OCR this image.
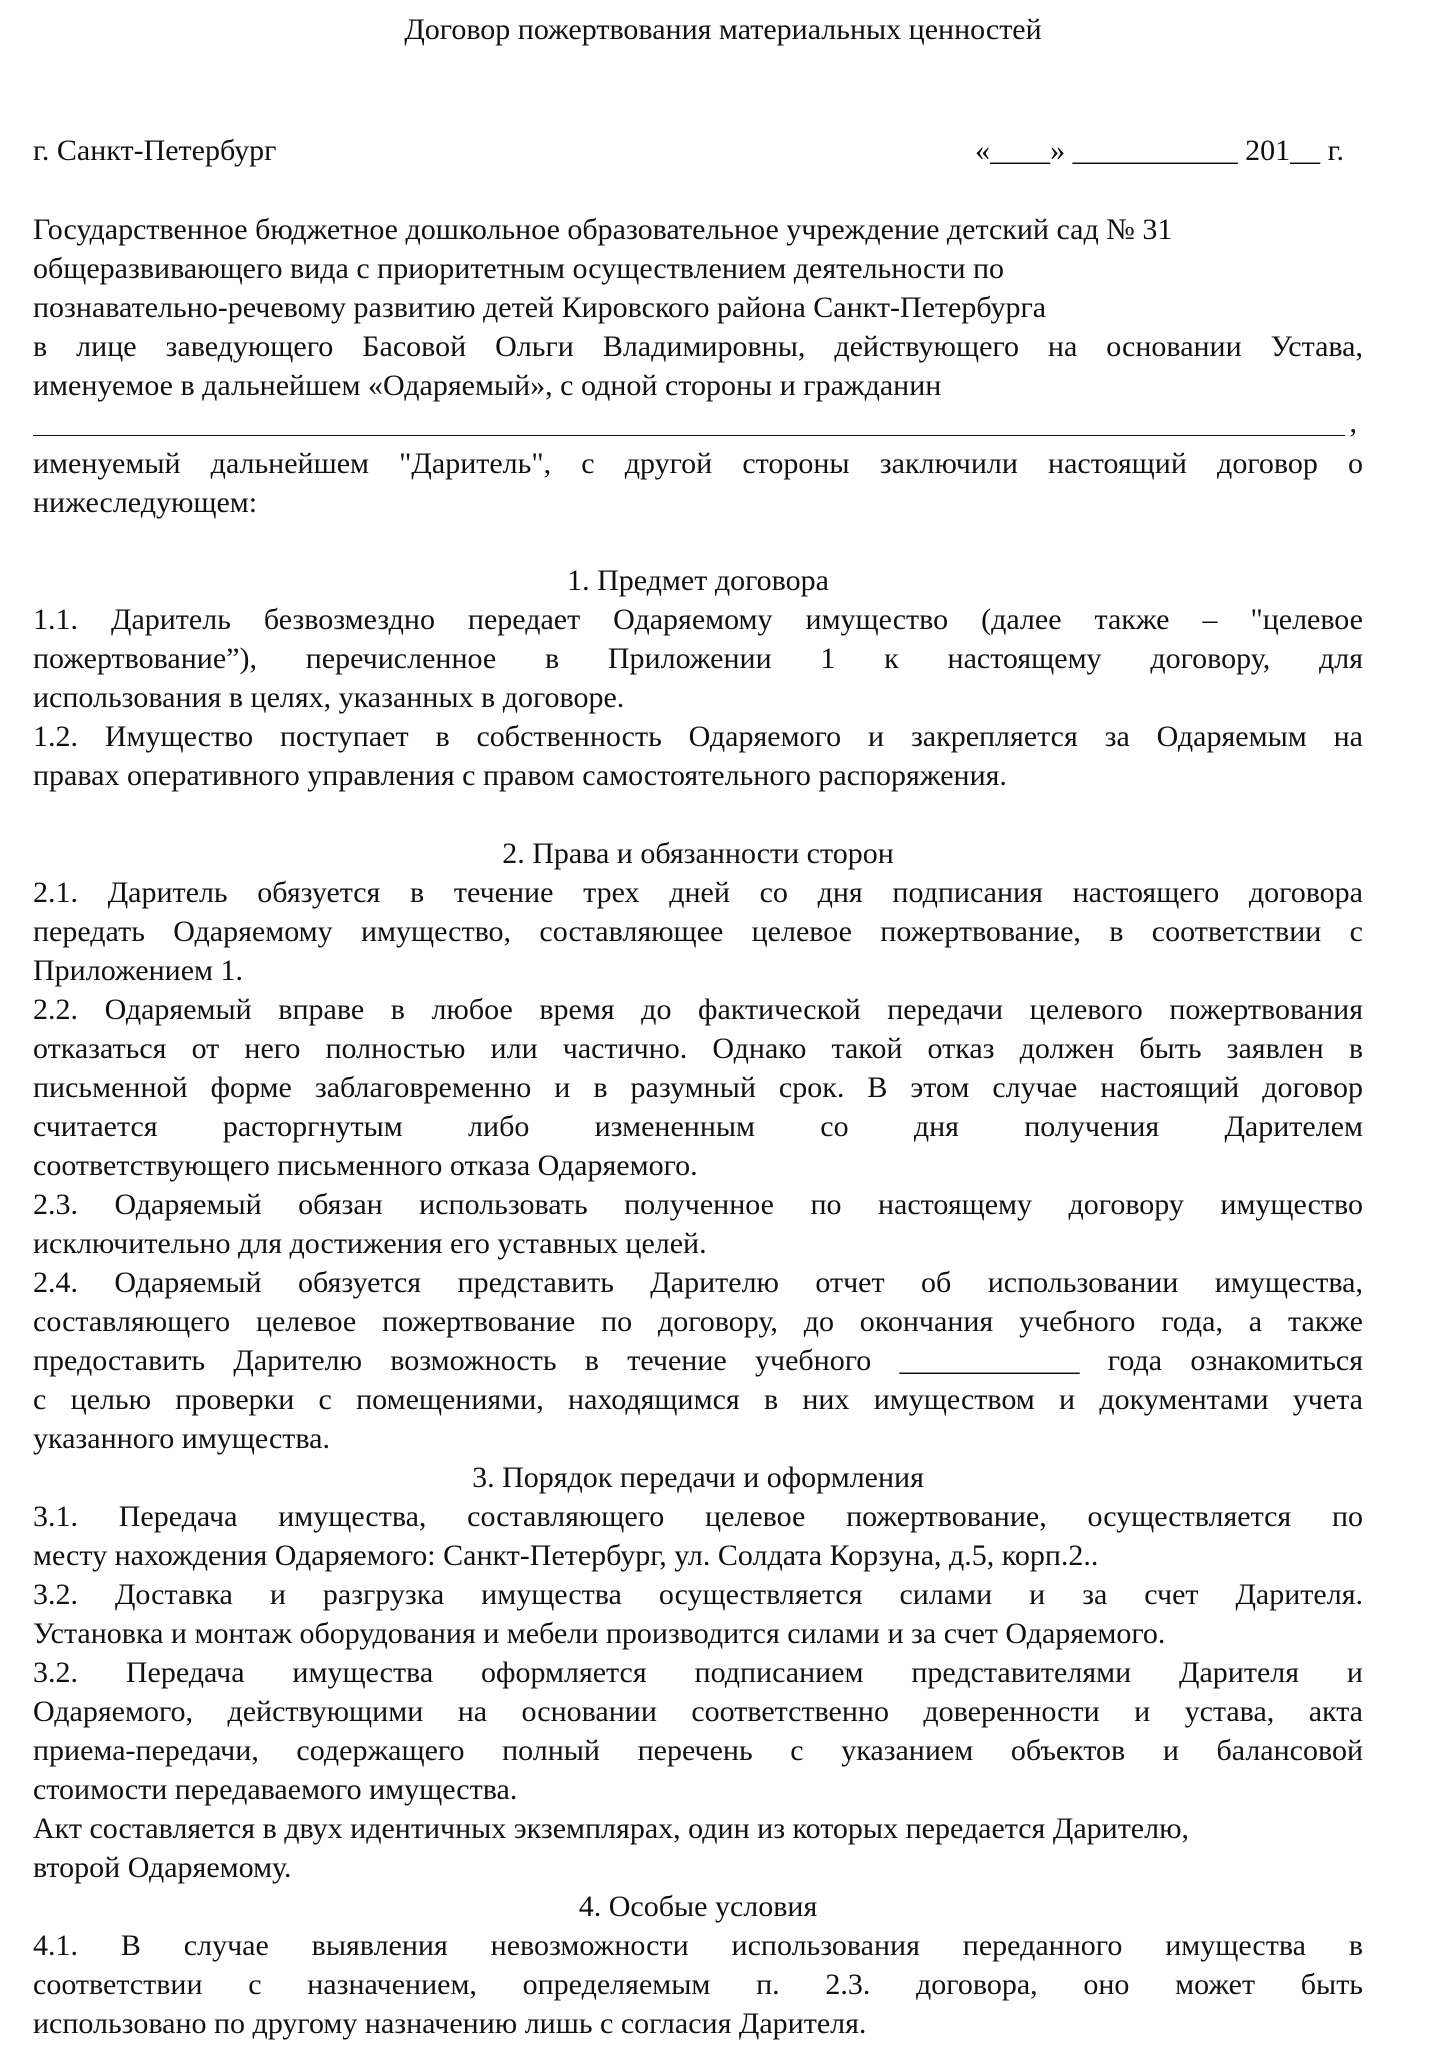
Договор пожертвования материальных ценностей
г. Санкт-Петербург	«____» ___________ 201__ г.
Государственное бюджетное дошкольное образовательное учреждение детский сад № 31
общеразвивающего вида с приоритетным осуществлением деятельности по
познавательно-речевому развитию детей Кировского района Санкт-Петербурга
в лице заведующего Басовой Ольги Владимировны, действующего на основании Устава,
именуемое в дальнейшем «Одаряемый», с одной стороны и гражданин
,
именуемый дальнейшем "Даритель", с другой стороны заключили настоящий договор о
нижеследующем:
1. Предмет договора
1.1. Даритель безвозмездно передает Одаряемому имущество (далее также – "целевое
пожертвование”), перечисленное в Приложении 1 к настоящему договору, для
использования в целях, указанных в договоре.
1.2. Имущество поступает в собственность Одаряемого и закрепляется за Одаряемым на
правах оперативного управления с правом самостоятельного распоряжения.
2. Права и обязанности сторон
2.1. Даритель обязуется в течение трех дней со дня подписания настоящего договора
передать Одаряемому имущество, составляющее целевое пожертвование, в соответствии с
Приложением 1.
2.2. Одаряемый вправе в любое время до фактической передачи целевого пожертвования
отказаться от него полностью или частично. Однако такой отказ должен быть заявлен в
письменной форме заблаговременно и в разумный срок. В этом случае настоящий договор
считается расторгнутым либо измененным со дня получения Дарителем
соответствующего письменного отказа Одаряемого.
2.3. Одаряемый обязан использовать полученное по настоящему договору имущество
исключительно для достижения его уставных целей.
2.4. Одаряемый обязуется представить Дарителю отчет об использовании имущества,
составляющего целевое пожертвование по договору, до окончания учебного года, а также
предоставить Дарителю возможность в течение учебного ____________ года ознакомиться
с целью проверки с помещениями, находящимся в них имуществом и документами учета
указанного имущества.
3. Порядок передачи и оформления
3.1. Передача имущества, составляющего целевое пожертвование, осуществляется по
месту нахождения Одаряемого: Санкт-Петербург, ул. Солдата Корзуна, д.5, корп.2..
3.2. Доставка и разгрузка имущества осуществляется силами и за счет Дарителя.
Установка и монтаж оборудования и мебели производится силами и за счет Одаряемого.
3.2. Передача имущества оформляется подписанием представителями Дарителя и
Одаряемого, действующими на основании соответственно доверенности и устава, акта
приема-передачи, содержащего полный перечень с указанием объектов и балансовой
стоимости передаваемого имущества.
Акт составляется в двух идентичных экземплярах, один из которых передается Дарителю,
второй Одаряемому.
4. Особые условия
4.1. В случае выявления невозможности использования переданного имущества в
соответствии с назначением, определяемым п. 2.3. договора, оно может быть
использовано по другому назначению лишь с согласия Дарителя.
